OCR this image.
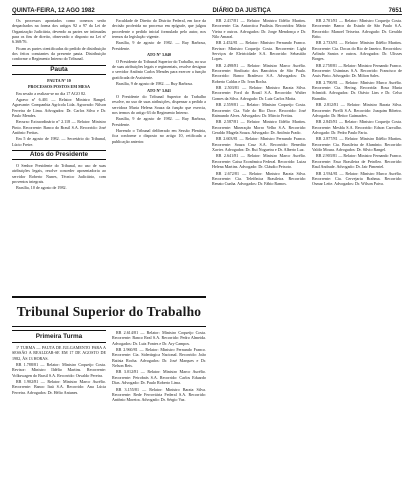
QUINTA-FEIRA, 12 AGO 1982	DIÁRIO DA JUSTIÇA	7651

Os processos apontados como conexos serão despachados na forma dos artigos 92 a 97 da Lei de Organização Judiciária, devendo as partes ser intimadas para os fins de direito, observado o disposto na Lei nº 6.368/76.

Ficam as partes cientificadas do pedido de distribuição dos feitos constantes da presente pauta. Distribuição conforme o Regimento Interno do Tribunal.

Pauta

PAUTA Nº 10

PROCESSOS POSTOS EM MESA

Em sessão a realizar-se no dia 17 AGO 82.

Agravo nº 6.401 — Relator: Ministro Rangel. Agravante: Companhia Agrícola Ltda. Agravado: Nilson Ferreira de Lima. Advogados: Dr. Carlos Silva e Dr. Paulo Mendes.

Recurso Extraordinário nº 2.118 — Relator: Ministro Pinto. Recorrente: Banco do Brasil S.A. Recorrido: José Antônio Freitas.

Em 5 de agosto de 1982. — Secretário do Tribunal, Lúcio Freire.

Atos do Presidente

O Senhor Presidente do Tribunal, no uso de suas atribuições legais, resolve conceder aposentadoria ao servidor Roberto Nunes, Técnico Judiciário, com proventos integrais.

Brasília, 10 de agosto de 1982.

Faculdade de Direito do Distrito Federal, em face da decisão proferida no processo em epígrafe, que julgou procedente o pedido inicial formulado pelo autor, nos termos da legislação vigente.

Brasília, 9 de agosto de 1982. — Ruy Barbosa, Presidente.

ATO Nº 3.040

O Presidente do Tribunal Superior do Trabalho, no uso de suas atribuições legais e regimentais, resolve designar o servidor Antônio Carlos Mendes para exercer a função gratificada de Assistente.

Brasília, 9 de agosto de 1982. — Ruy Barbosa.

ATO Nº 3.041

O Presidente do Tribunal Superior do Trabalho resolve, no uso de suas atribuições, dispensar a pedido a servidora Maria Helena Souza da função que exercia, nos termos do artigo 63 do Regimento Interno.

Brasília, 9 de agosto de 1982. — Ruy Barbosa, Presidente.

Havendo o Tribunal deliberado em Sessão Plenária, fica conforme o disposto no artigo 10, retificada a publicação anterior.

Tribunal Superior do Trabalho
Primeira Turma

1ª TURMA — PAUTA DE JULGAMENTO PARA A SESSÃO A REALIZAR-SE EM 17 DE AGOSTO DE 1982, ÀS 13 HORAS.

RR 1.788/81 — Relator: Ministro Coqueijo Costa. Revisor: Ministro Ildélio Martins. Recorrente: Volkswagen do Brasil S.A. Recorrido: Osvaldo Pereira.

RR 1.902/81 — Relator: Ministro Marco Aurélio. Recorrente: Banco Itaú S.A. Recorrido: Ana Lúcia Ferreira. Advogados: Dr. Hélio Antunes.

RR 2.614/81 — Relator: Ministro Coqueijo Costa. Recorrente: Banco Real S.A. Recorrido: Pedro Almeida. Advogados: Dr. Luiz Fontes e Dr. Ary Campos.

RR 2.960/81 — Relator: Ministro Fernando Franco. Recorrente: Cia. Siderúrgica Nacional. Recorrido: João Batista Rocha. Advogados: Dr. José Marques e Dr. Nelson Reis.

RR 3.012/81 — Relator: Ministro Marco Aurélio. Recorrente: Petrobrás S.A. Recorrido: Carlos Eduardo Dias. Advogado: Dr. Paulo Roberto Lima.

RR 3.155/81 — Relator: Ministro Barata Silva. Recorrente: Rede Ferroviária Federal S.A. Recorrido: Antônio Moreira. Advogado: Dr. Sérgio Vaz.

RR 2.417/81 — Relator: Ministro Ildélio Martins. Recorrente: Cia. Antarctica Paulista. Recorridos: Mário Vieira e outros. Advogados: Dr. Jorge Mendonça e Dr. Nilo Amaral.

RR 2.452/81 — Relator: Ministro Fernando Franco. Revisor: Ministro Coqueijo Costa. Recorrente: Light Serviços de Eletricidade S.A. Recorrido: Sebastião Lopes.

RR 2.498/81 — Relator: Ministro Marco Aurélio. Recorrente: Sindicato dos Bancários de São Paulo. Recorrido: Banco Bradesco S.A. Advogados: Dr. Roberto Caldas e Dr. Ivan Rocha.

RR 2.503/81 — Relator: Ministro Barata Silva. Recorrente: Ford do Brasil S.A. Recorrido: Walter Gomes da Silva. Advogado: Dr. Luiz Carlos Motta.

RR 2.559/81 — Relator: Ministro Coqueijo Costa. Recorrente: Cia. Vale do Rio Doce. Recorrido: José Raimundo Alves. Advogados: Dr. Márcio Freitas.

RR 2.587/81 — Relator: Ministro Ildélio Martins. Recorrente: Mineração Morro Velho S.A. Recorrido: Geraldo Magela Souza. Advogado: Dr. Antônio Prado.

RR 2.603/81 — Relator: Ministro Fernando Franco. Recorrente: Souza Cruz S.A. Recorrido: Benedito Xavier. Advogados: Dr. Rui Nogueira e Dr. Alberto Luz.

RR 2.641/81 — Relator: Ministro Marco Aurélio. Recorrente: Caixa Econômica Federal. Recorrido: Luiza Helena Martins. Advogado: Dr. Cláudio Peixoto.

RR 2.672/81 — Relator: Ministro Barata Silva. Recorrente: Cia. Telefônica Brasileira. Recorrido: Renato Cunha. Advogados: Dr. Fábio Ramos.

RR 2.701/81 — Relator: Ministro Coqueijo Costa. Recorrente: Banco do Estado de São Paulo S.A. Recorrido: Manoel Teixeira. Advogado: Dr. Geraldo Brito.

RR 2.733/81 — Relator: Ministro Ildélio Martins. Recorrente: Cia. Docas do Rio de Janeiro. Recorridos: Arlindo Santos e outros. Advogados: Dr. Ulisses Borges.

RR 2.758/81 — Relator: Ministro Fernando Franco. Recorrente: Usiminas S.A. Recorrido: Francisco de Assis Pinto. Advogado: Dr. Milton Sales.

RR 2.790/81 — Relator: Ministro Marco Aurélio. Recorrente: Cia. Hering. Recorrida: Rosa Maria Schmidt. Advogados: Dr. Otávio Lins e Dr. Celso Brandão.

RR 2.812/81 — Relator: Ministro Barata Silva. Recorrente: Pirelli S.A. Recorrido: Joaquim Ribeiro. Advogado: Dr. Heitor Guimarães.

RR 2.845/81 — Relator: Ministro Coqueijo Costa. Recorrente: Mesbla S.A. Recorrido: Edson Carvalho. Advogado: Dr. Pedro Paulo Faria.

RR 2.877/81 — Relator: Ministro Ildélio Martins. Recorrente: Cia. Brasileira de Alumínio. Recorrido: Valdir Moura. Advogados: Dr. Sílvio Rangel.

RR 2.903/81 — Relator: Ministro Fernando Franco. Recorrente: Esso Brasileira de Petróleo. Recorrido: Raul Andrade. Advogado: Dr. Jair Pimentel.

RR 2.934/81 — Relator: Ministro Marco Aurélio. Recorrente: Cia. Cervejaria Brahma. Recorrido: Osmar Leite. Advogados: Dr. Wilson Paiva.
